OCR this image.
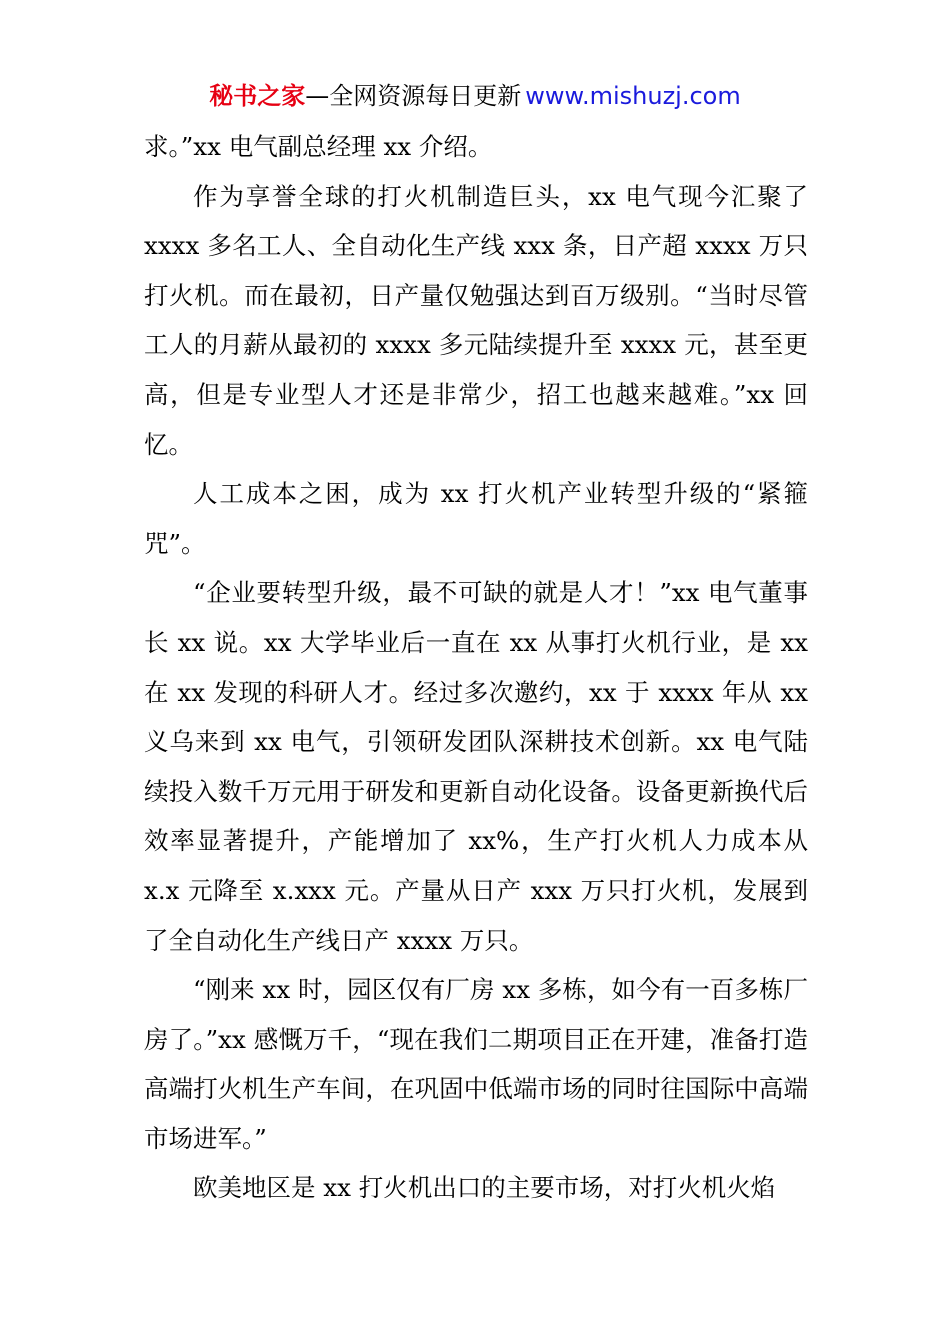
秘书之家—全网资源每日更新 www.mishuzj.com

求。”xx 电气副总经理 xx 介绍。

作为享誉全球的打火机制造巨头，xx 电气现今汇聚了 xxxx 多名工人、全自动化生产线 xxx 条，日产超 xxxx 万只打火机。而在最初，日产量仅勉强达到百万级别。“当时尽管工人的月薪从最初的 xxxx 多元陆续提升至 xxxx 元，甚至更高，但是专业型人才还是非常少，招工也越来越难。”xx 回忆。

人工成本之困，成为 xx 打火机产业转型升级的“紧箍咒”。

“企业要转型升级，最不可缺的就是人才！”xx 电气董事长 xx 说。xx 大学毕业后一直在 xx 从事打火机行业，是 xx 在 xx 发现的科研人才。经过多次邀约，xx 于 xxxx 年从 xx 义乌来到 xx 电气，引领研发团队深耕技术创新。xx 电气陆续投入数千万元用于研发和更新自动化设备。设备更新换代后效率显著提升，产能增加了 xx%，生产打火机人力成本从 x.x 元降至 x.xxx 元。产量从日产 xxx 万只打火机，发展到了全自动化生产线日产 xxxx 万只。

“刚来 xx 时，园区仅有厂房 xx 多栋，如今有一百多栋厂房了。”xx 感慨万千，“现在我们二期项目正在开建，准备打造高端打火机生产车间，在巩固中低端市场的同时往国际中高端市场进军。”

欧美地区是 xx 打火机出口的主要市场，对打火机火焰
